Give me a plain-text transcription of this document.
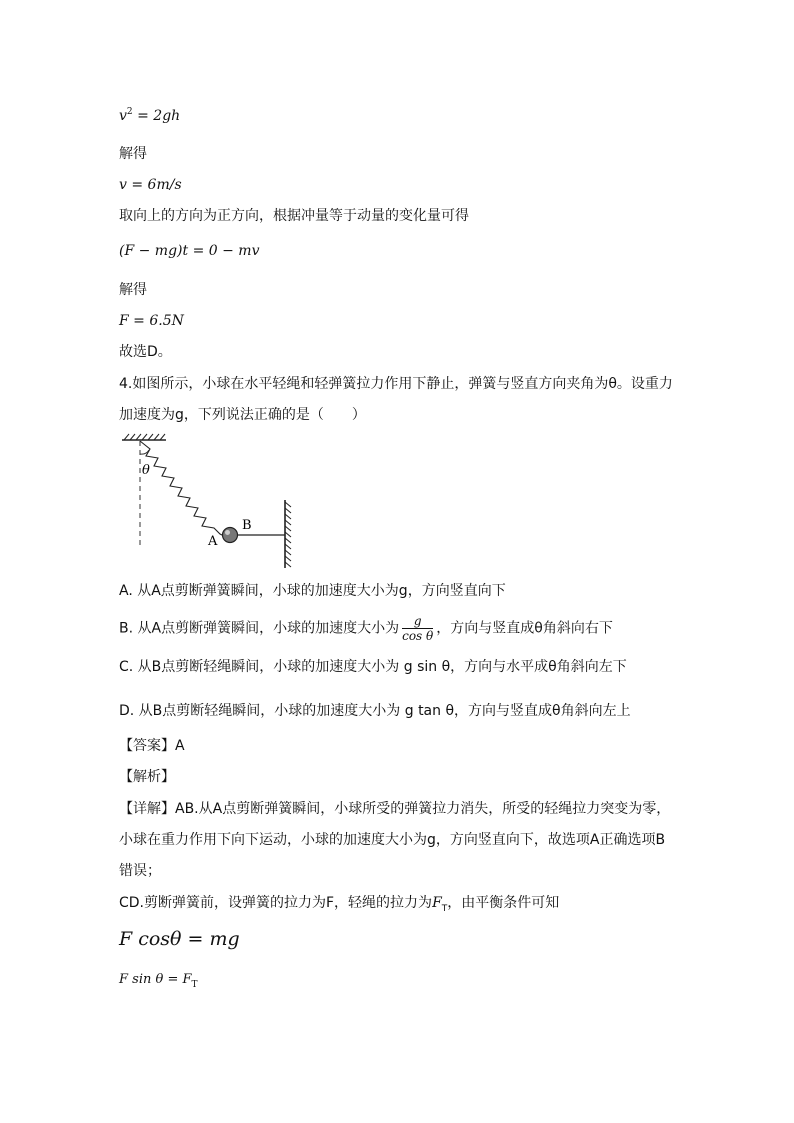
$v^2 = 2gh$
解得
v = 6m/s
取向上的方向为正方向，根据冲量等于动量的变化量可得
(F − mg)t = 0 − mv
解得
F = 6.5N
故选D。
4.如图所示，小球在水平轻绳和轻弹簧拉力作用下静止，弹簧与竖直方向夹角为θ。设重力
加速度为g，下列说法正确的是（　　）
θ
A
B
A. 从A点剪断弹簧瞬间，小球的加速度大小为g，方向竖直向下
B. 从A点剪断弹簧瞬间，小球的加速度大小为 $\frac{g}{\text{cos θ}}$ ，方向与竖直成θ角斜向右下
C. 从B点剪断轻绳瞬间，小球的加速度大小为 g sin θ，方向与水平成θ角斜向左下
D. 从B点剪断轻绳瞬间，小球的加速度大小为 g tan θ，方向与竖直成θ角斜向左上
【答案】A
【解析】
【详解】AB.从A点剪断弹簧瞬间，小球所受的弹簧拉力消失，所受的轻绳拉力突变为零，
小球在重力作用下向下运动，小球的加速度大小为g，方向竖直向下，故选项A正确选项B
错误；
CD.剪断弹簧前，设弹簧的拉力为F，轻绳的拉力为$F_T$，由平衡条件可知
F cosθ = mg
F $\sin \theta = F_T$
